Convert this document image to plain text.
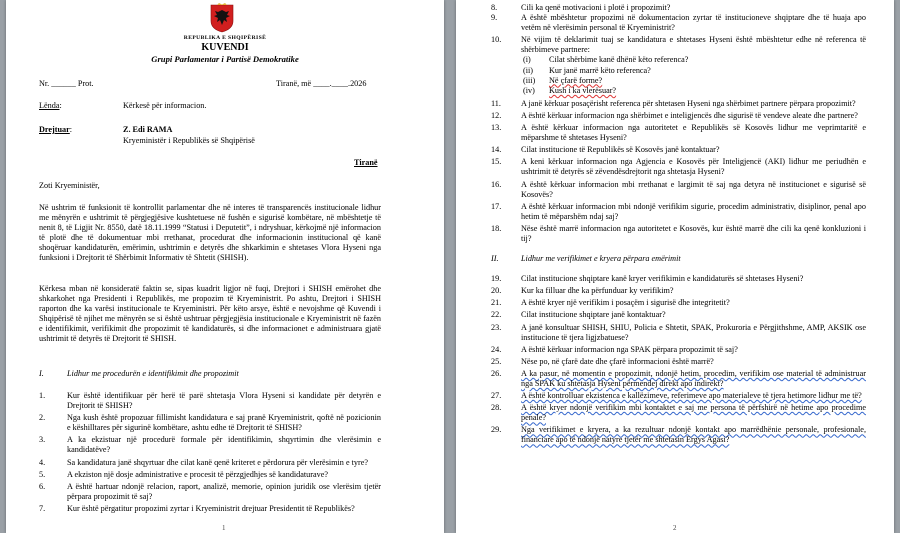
REPUBLIKA E SHQIPËRISË
KUVENDI
Grupi Parlamentar i Partisë Demokratike
Nr. ______ Prot.	Tiranë, më ____.____.2026
Lënda:	Kërkesë për informacion.
Drejtuar:	Z. Edi RAMA
Kryeministër i Republikës së Shqipërisë
Tiranë
Zoti Kryeministër,
Në ushtrim të funksionit të kontrollit parlamentar dhe në interes të transparencës institucionale lidhur me mënyrën e ushtrimit të përgjegjësive kushtetuese në fushën e sigurisë kombëtare, në mbështetje të nenit 8, të Ligjit Nr. 8550, datë 18.11.1999 “Statusi i Deputetit”, i ndryshuar, kërkojmë një informacion të plotë dhe të dokumentuar mbi rrethanat, procedurat dhe informacionin institucional që kanë shoqëruar kandidaturën, emërimin, ushtrimin e detyrës dhe shkarkimin e shtetases Vlora Hyseni nga funksioni i Drejtorit të Shërbimit Informativ të Shtetit (SHISH).
Kërkesa mban në konsideratë faktin se, sipas kuadrit ligjor në fuqi, Drejtori i SHISH emërohet dhe shkarkohet nga Presidenti i Republikës, me propozim të Kryeministrit. Po ashtu, Drejtori i SHISH raporton dhe ka varësi institucionale te Kryeministri. Për këto arsye, është e nevojshme që Kuvendi i Shqipërisë të njihet me mënyrën se si është ushtruar përgjegjësia institucionale e Kryeministrit në fazën e identifikimit, verifikimit dhe propozimit të kandidaturës, si dhe informacionet e administruara gjatë ushtrimit të detyrës të Drejtorit të SHISH.
I.	Lidhur me procedurën e identifikimit dhe propozimit
1.	Kur është identifikuar për herë të parë shtetasja Vlora Hyseni si kandidate për detyrën e Drejtorit të SHISH?
2.	Nga kush është propozuar fillimisht kandidatura e saj pranë Kryeministrit, qoftë në pozicionin e këshilltares për sigurinë kombëtare, ashtu edhe të Drejtorit të SHISH?
3.	A ka ekzistuar një procedurë formale për identifikimin, shqyrtimin dhe vlerësimin e kandidatëve?
4.	Sa kandidatura janë shqyrtuar dhe cilat kanë qenë kriteret e përdorura për vlerësimin e tyre?
5.	A ekziston një dosje administrative e procesit të përzgjedhjes së kandidaturave?
6.	A është hartuar ndonjë relacion, raport, analizë, memorie, opinion juridik ose vlerësim tjetër përpara propozimit të saj?
7.	Kur është përgatitur propozimi zyrtar i Kryeministrit drejtuar Presidentit të Republikës?
1
8.	Cili ka qenë motivacioni i plotë i propozimit?
9.	A është mbështetur propozimi në dokumentacion zyrtar të institucioneve shqiptare dhe të huaja apo vetëm në vlerësimin personal të Kryeministrit?
10.	Në vijim të deklarimit tuaj se kandidatura e shtetases Hyseni është mbështetur edhe në referenca të shërbimeve partnere:
(i)	Cilat shërbime kanë dhënë këto referenca?
(ii)	Kur janë marrë këto referenca?
(iii)	Në çfarë forme?
(iv)	Kush i ka vlerësuar?
11.	A janë kërkuar posaçërisht referenca për shtetasen Hyseni nga shërbimet partnere përpara propozimit?
12.	A është kërkuar informacion nga shërbimet e inteligjencës dhe sigurisë të vendeve aleate dhe partnere?
13.	A është kërkuar informacion nga autoritetet e Republikës së Kosovës lidhur me veprimtaritë e mëparshme të shtetases Hyseni?
14.	Cilat institucione të Republikës së Kosovës janë kontaktuar?
15.	A keni kërkuar informacion nga Agjencia e Kosovës për Inteligjencë (AKI) lidhur me periudhën e ushtrimit të detyrës së zëvendësdrejtorit nga shtetasja Hyseni?
16.	A është kërkuar informacion mbi rrethanat e largimit të saj nga detyra në institucionet e sigurisë së Kosovës?
17.	A është kërkuar informacion mbi ndonjë verifikim sigurie, procedim administrativ, disiplinor, penal apo hetim të mëparshëm ndaj saj?
18.	Nëse është marrë informacion nga autoritetet e Kosovës, kur është marrë dhe cili ka qenë konkluzioni i tij?
II.	Lidhur me verifikimet e kryera përpara emërimit
19.	Cilat institucione shqiptare kanë kryer verifikimin e kandidaturës së shtetases Hyseni?
20.	Kur ka filluar dhe ka përfunduar ky verifikim?
21.	A është kryer një verifikim i posaçëm i sigurisë dhe integritetit?
22.	Cilat institucione shqiptare janë kontaktuar?
23.	A janë konsultuar SHISH, SHIU, Policia e Shtetit, SPAK, Prokuroria e Përgjithshme, AMP, AKSIK ose institucione të tjera ligjzbatuese?
24.	A është kërkuar informacion nga SPAK përpara propozimit të saj?
25.	Nëse po, në çfarë date dhe çfarë informacioni është marrë?
26.	A ka pasur, në momentin e propozimit, ndonjë hetim, procedim, verifikim ose material të administruar nga SPAK ku shtetasja Hyseni përmendej direkt apo indirekt?
27.	A është kontrolluar ekzistenca e kallëzimeve, referimeve apo materialeve të tjera hetimore lidhur me të?
28.	A është kryer ndonjë verifikim mbi kontaktet e saj me persona të përfshirë në hetime apo procedime penale?
29.	Nga verifikimet e kryera, a ka rezultuar ndonjë kontakt apo marrëdhënie personale, profesionale, financiare apo të ndonjë natyre tjetër me shtetasin Ergys Agasi?
2
